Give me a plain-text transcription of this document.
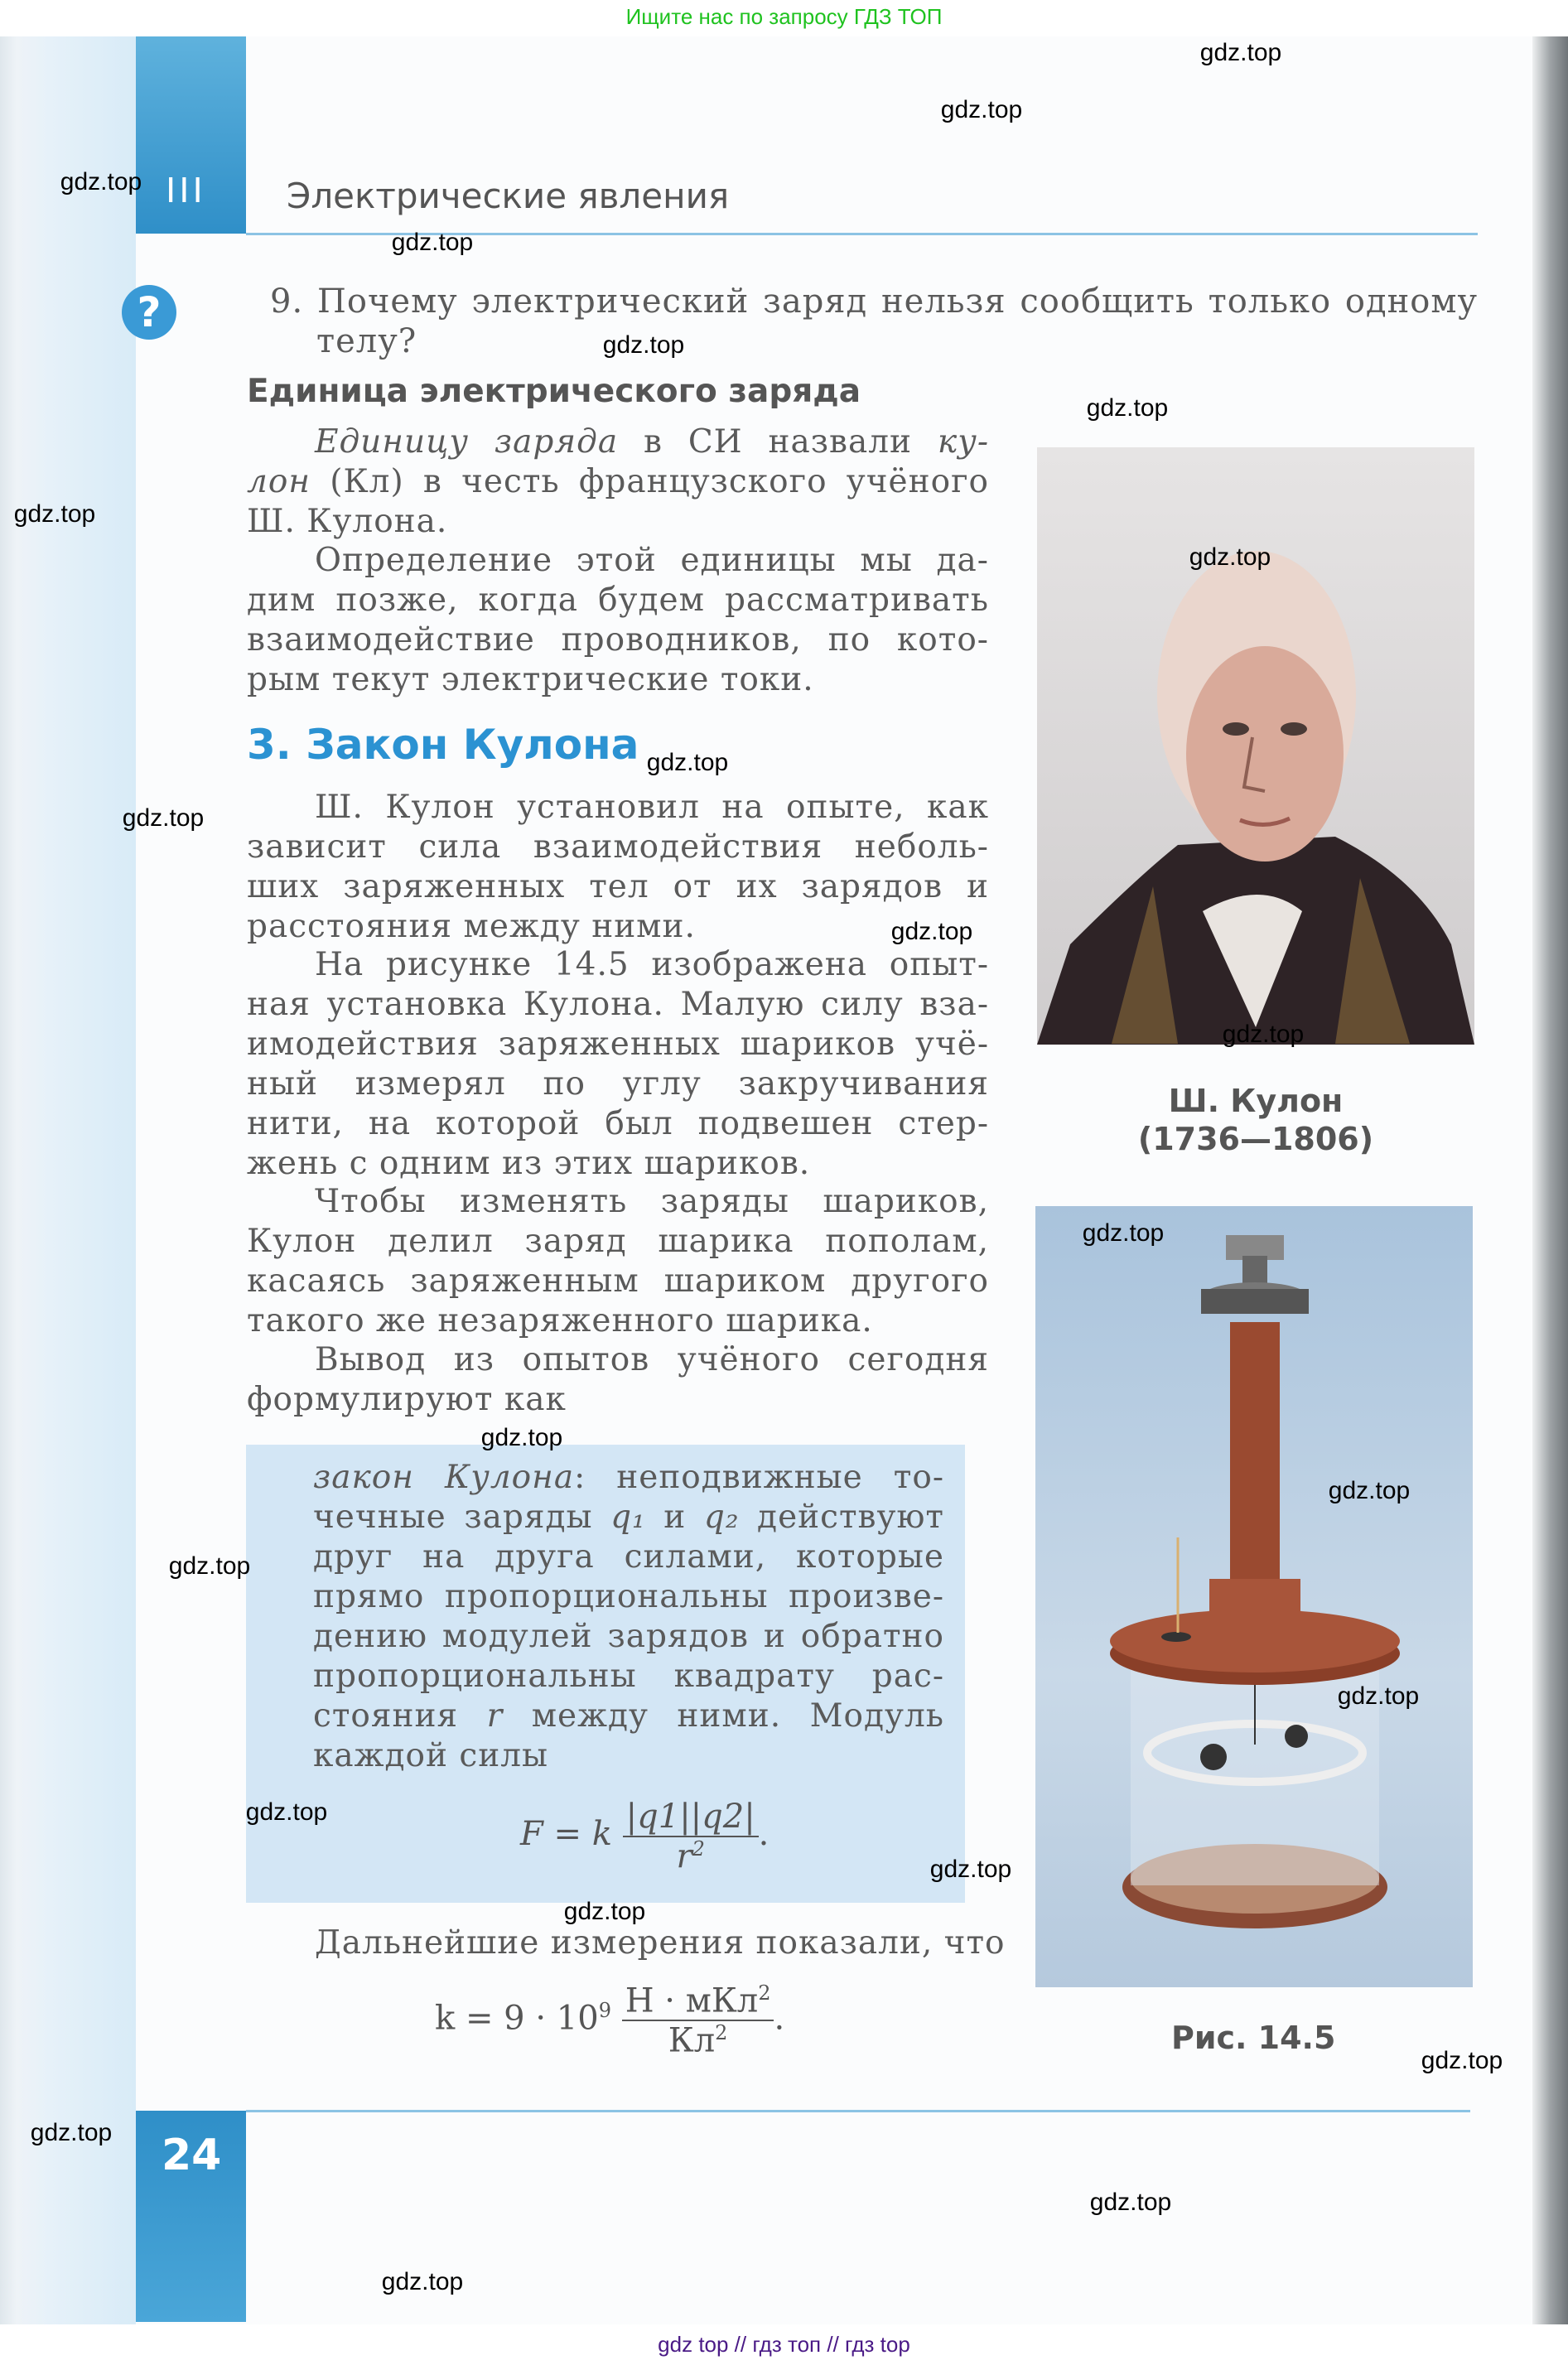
Ищите нас по запросу ГДЗ ТОП
III Электрические явления
?	9. Почему электрический заряд нельзя сообщить только одному
телу?
Единица электрического заряда
3. Закон Кулона
Единицу заряда в СИ назвали ку-
лон (Кл) в честь французского учёного
Ш. Кулона.
Определение этой единицы мы да-
дим позже, когда будем рассматривать
взаимодействие проводников, по кото-
рым текут электрические токи.
Ш. Кулон установил на опыте, как
зависит сила взаимодействия неболь-
ших заряженных тел от их зарядов и
расстояния между ними.
На рисунке 14.5 изображена опыт-
ная установка Кулона. Малую силу вза-
имодействия заряженных шариков учё-
ный измерял по углу закручивания
нити, на которой был подвешен стер-
жень с одним из этих шариков.
Чтобы изменять заряды шариков,
Кулон делил заряд шарика пополам,
касаясь заряженным шариком другого
такого же незаряженного шарика.
Вывод из опытов учёного сегодня
формулируют как
закон Кулона: неподвижные то-
чечные заряды q₁ и q₂ действуют
друг на друга силами, которые
прямо пропорциональны произве-
дению модулей зарядов и обратно
пропорциональны квадрату рас-
стояния r между ними. Модуль
каждой силы
F = k $\frac{|q1||q2|}{r^2}$ .
Дальнейшие измерения показали, что
$k = 9 \cdot 10^9 \frac{Н \cdot мКл^2}{Кл^2}$ .
Ш. Кулон
(1736—1806)
Рис. 14.5
24
gdz.top
gdz.top
gdz.top
gdz.top
gdz.top
gdz.top
gdz.top
gdz.top
gdz.top
gdz.top
gdz.top
gdz.top
gdz.top
gdz.top
gdz.top
gdz.top
gdz.top
gdz.top
gdz.top
gdz.top
gdz.top
gdz.top
gdz.top
gdz.top
gdz top // гдз топ // гдз top
